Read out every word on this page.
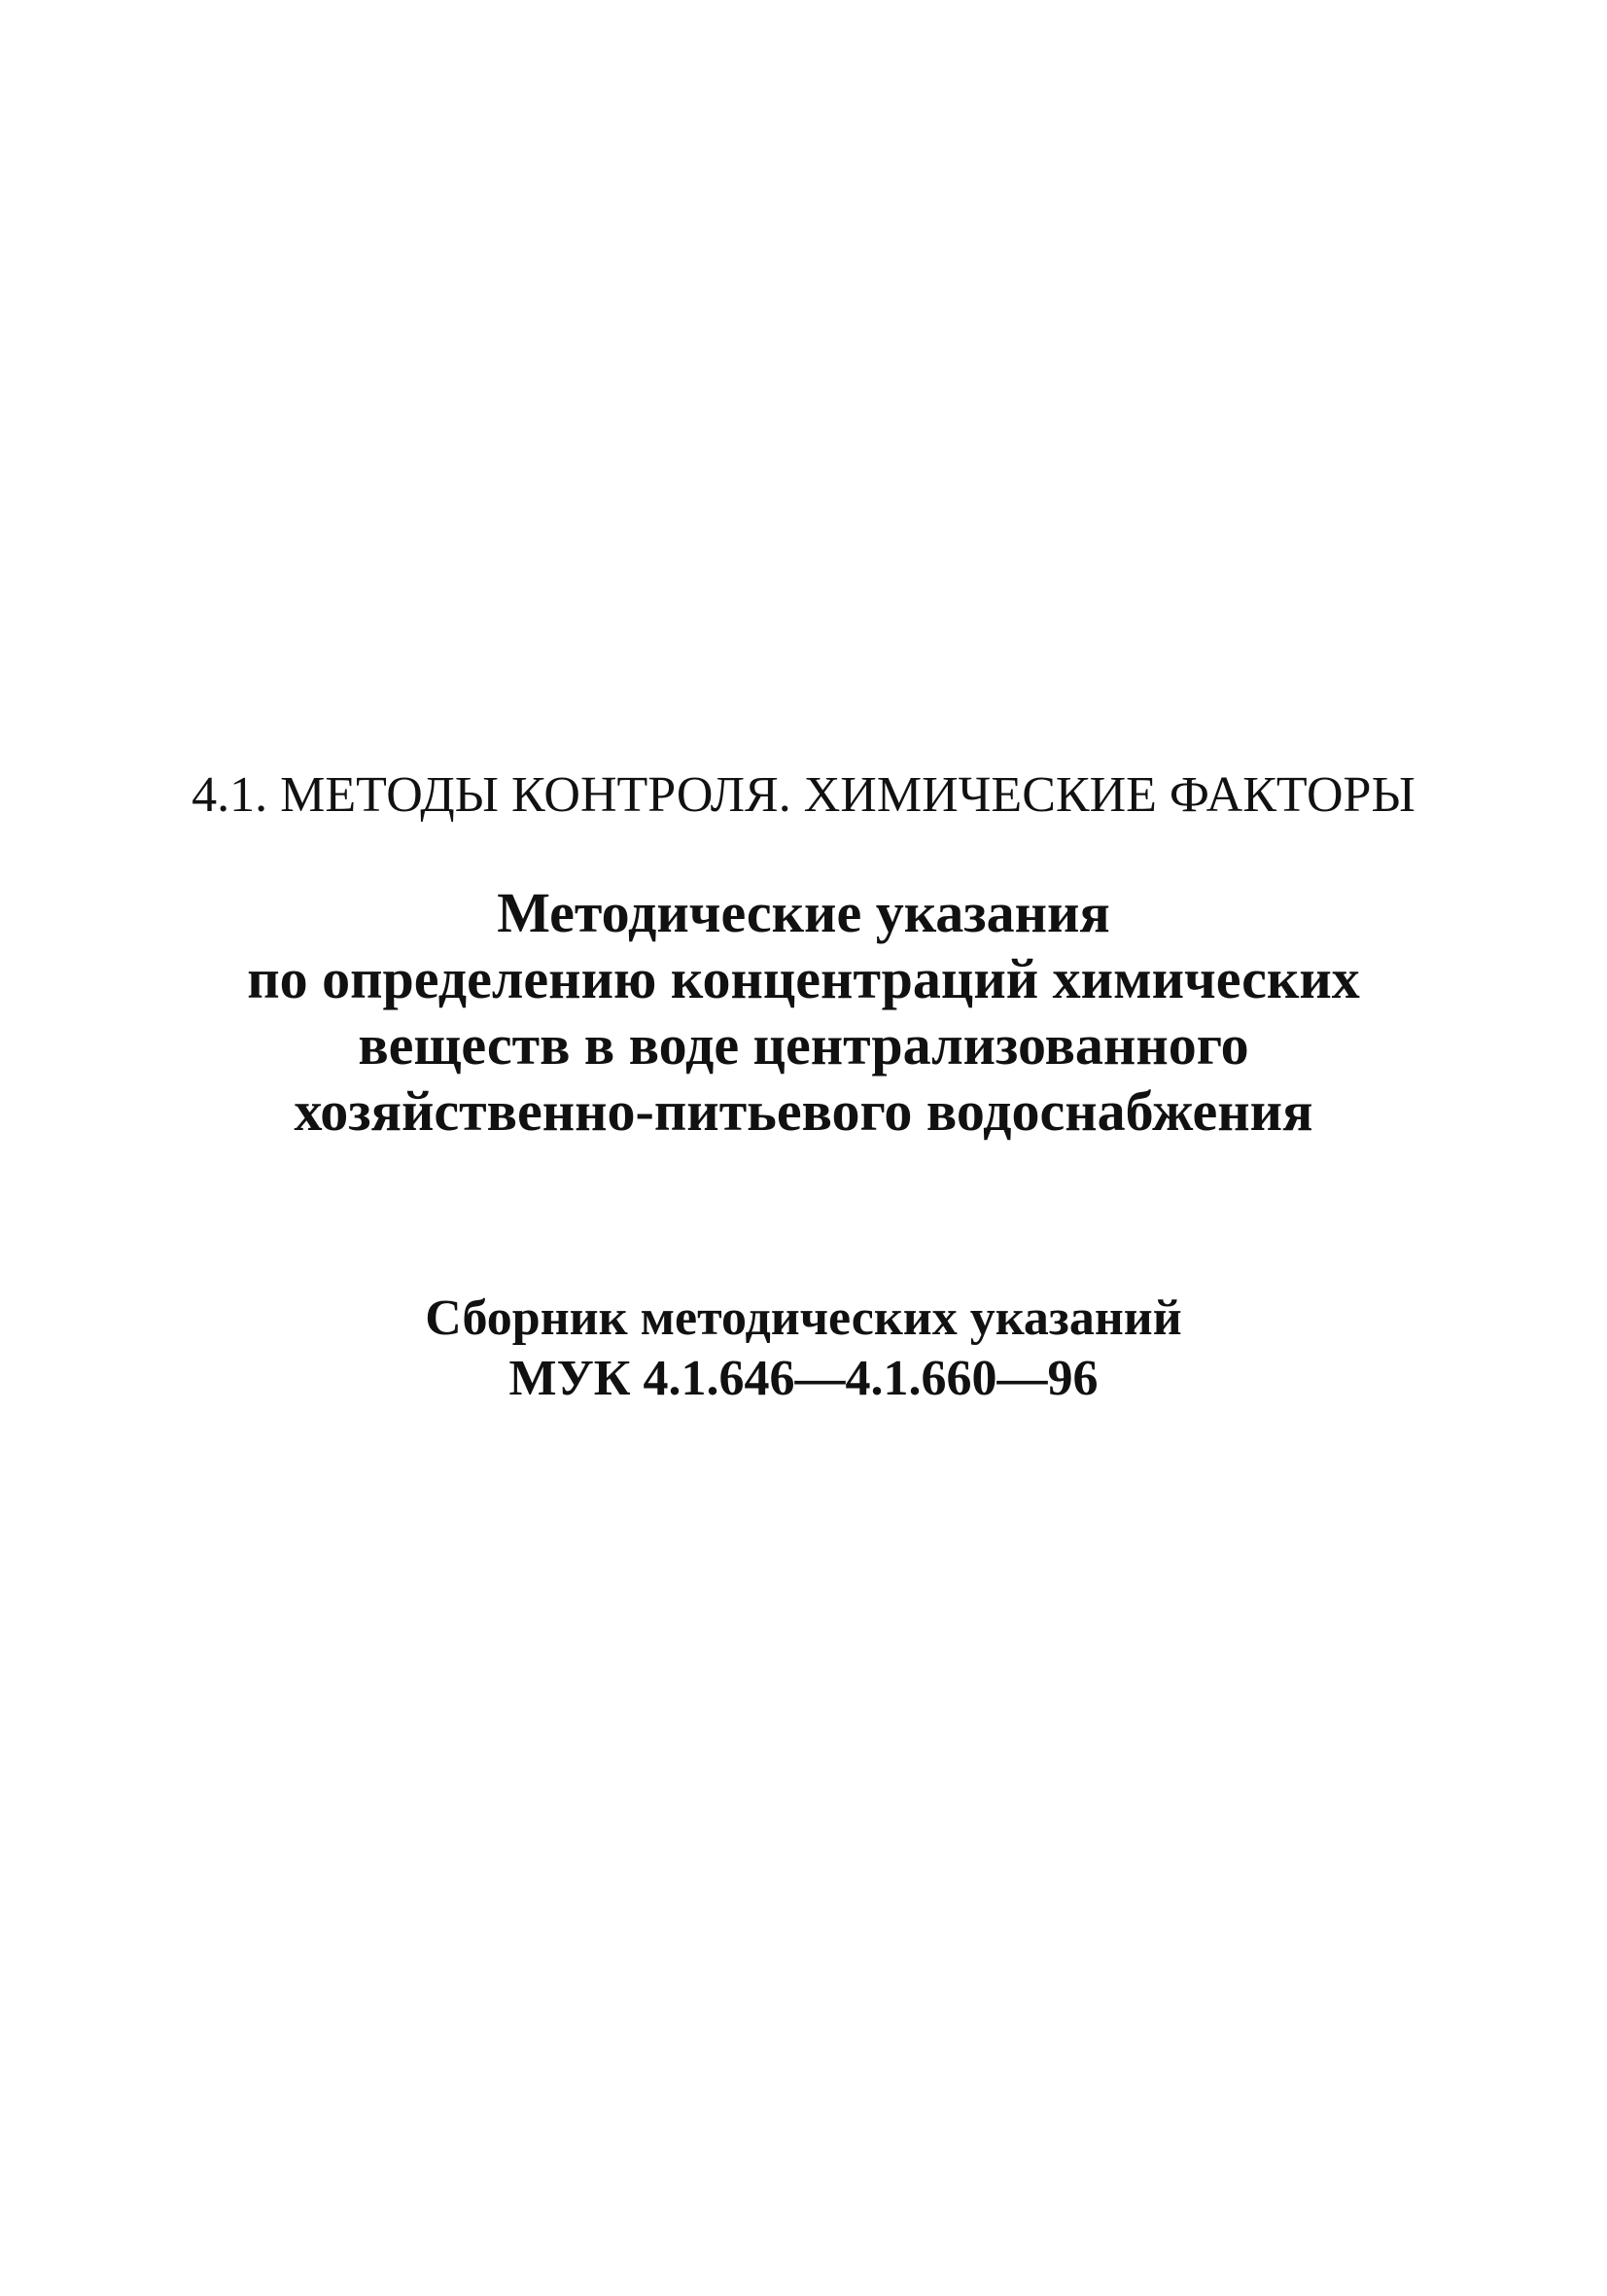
4.1. МЕТОДЫ КОНТРОЛЯ. ХИМИЧЕСКИЕ ФАКТОРЫ
Методические указания
по определению концентраций химических
веществ в воде централизованного
хозяйственно-питьевого водоснабжения
Сборник методических указаний
МУК 4.1.646—4.1.660—96
